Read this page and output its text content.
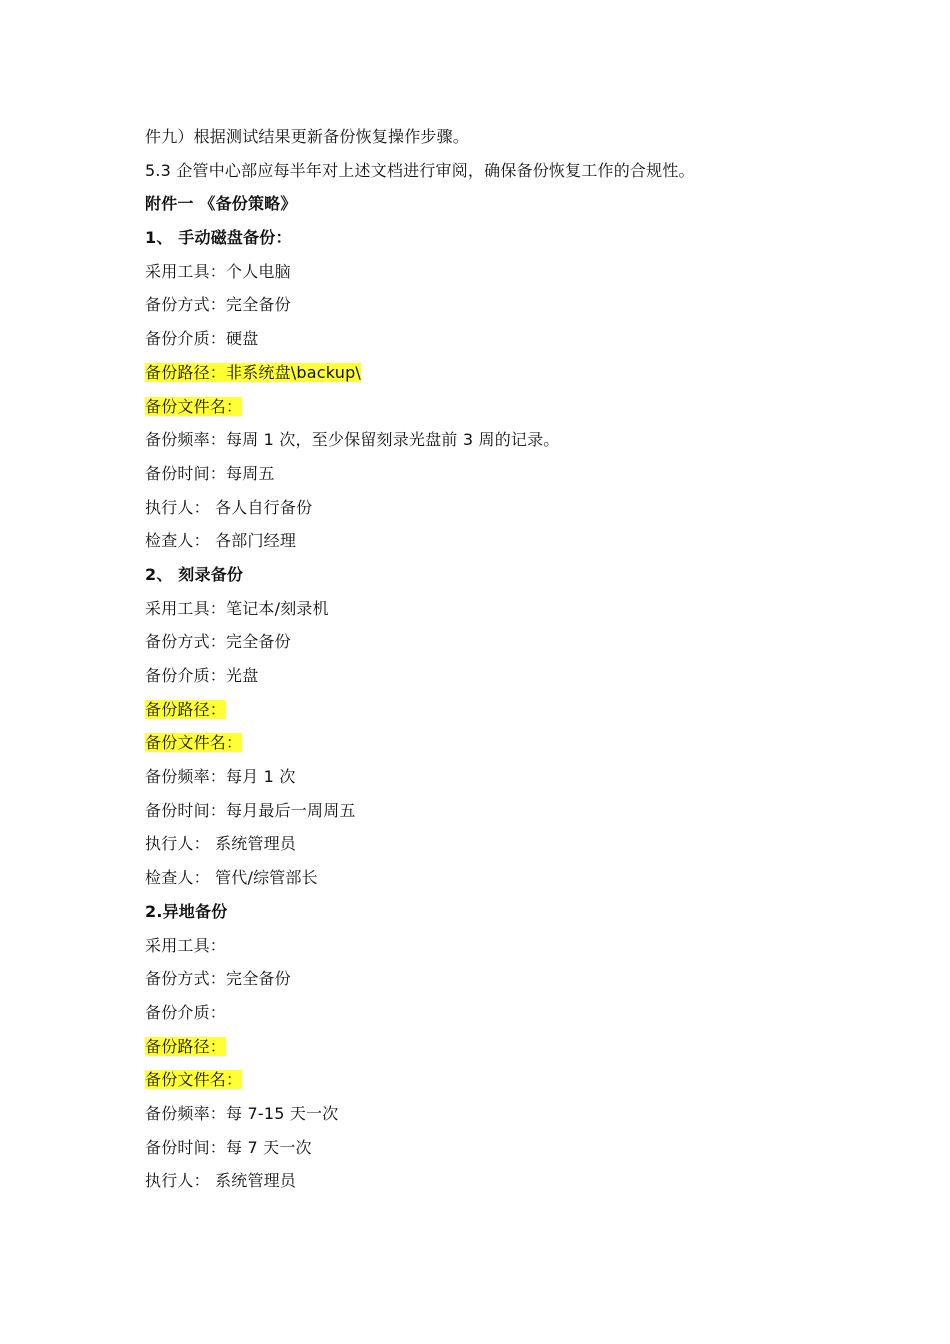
件九）根据测试结果更新备份恢复操作步骤。
5.3 企管中心部应每半年对上述文档进行审阅，确保备份恢复工作的合规性。
附件一 《备份策略》
1、 手动磁盘备份：
采用工具：个人电脑
备份方式：完全备份
备份介质：硬盘
备份路径：非系统盘\backup\
备份文件名：
备份频率：每周 1 次，至少保留刻录光盘前 3 周的记录。
备份时间：每周五
执行人： 各人自行备份
检查人： 各部门经理
2、 刻录备份
采用工具：笔记本/刻录机
备份方式：完全备份
备份介质：光盘
备份路径：
备份文件名：
备份频率：每月 1 次
备份时间：每月最后一周周五
执行人： 系统管理员
检查人： 管代/综管部长
2.异地备份
采用工具：
备份方式：完全备份
备份介质：
备份路径：
备份文件名：
备份频率：每 7-15 天一次
备份时间：每 7 天一次
执行人： 系统管理员
